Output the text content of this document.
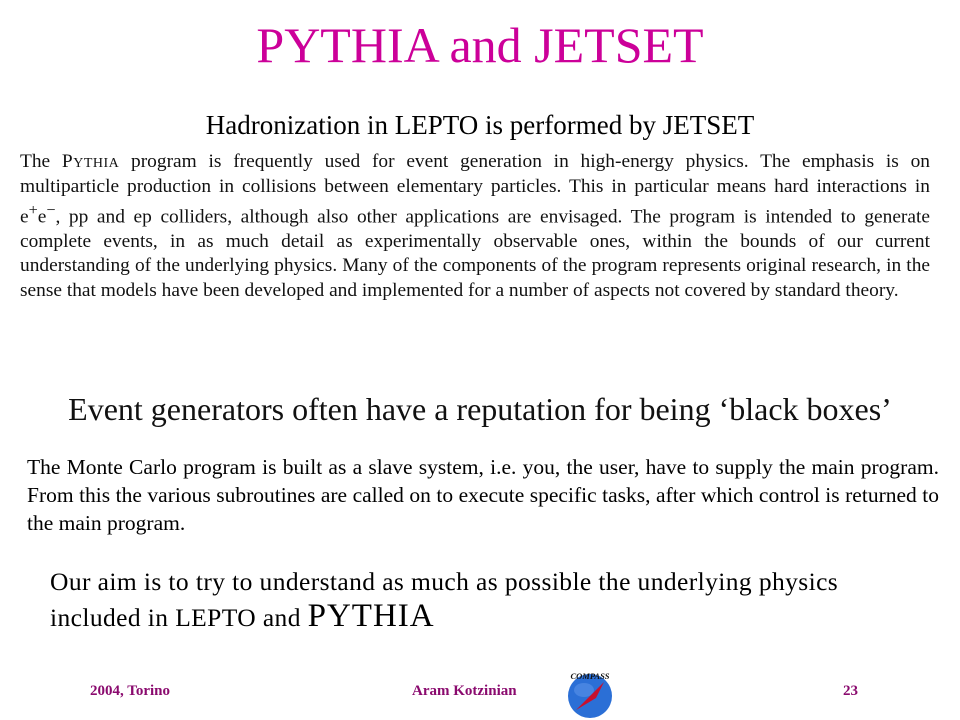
PYTHIA and JETSET
Hadronization in LEPTO is performed by JETSET
The Pythia program is frequently used for event generation in high-energy physics. The emphasis is on multiparticle production in collisions between elementary particles. This in particular means hard interactions in e+e−, pp and ep colliders, although also other applications are envisaged. The program is intended to generate complete events, in as much detail as experimentally observable ones, within the bounds of our current understanding of the underlying physics. Many of the components of the program represents original research, in the sense that models have been developed and implemented for a number of aspects not covered by standard theory.
Event generators often have a reputation for being ‘black boxes’
The Monte Carlo program is built as a slave system, i.e. you, the user, have to supply the main program. From this the various subroutines are called on to execute specific tasks, after which control is returned to the main program.
Our aim is to try to understand as much as possible the underlying physics included in LEPTO and PYTHIA
2004, Torino	Aram Kotzinian	23
COMPASS
